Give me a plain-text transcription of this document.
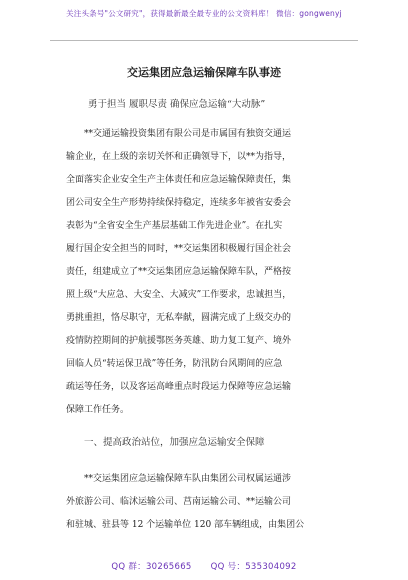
关注头条号"公文研究"，获得最新最全最专业的公文资料库！ 微信：gongwenyj
交运集团应急运输保障车队事迹
勇于担当 履职尽责 确保应急运输“大动脉”
**交通运输投资集团有限公司是市属国有独资交通运
输企业，在上级的亲切关怀和正确领导下，以**为指导，
全面落实企业安全生产主体责任和应急运输保障责任，集
团公司安全生产形势持续保持稳定，连续多年被省安委会
表彰为“全省安全生产基层基础工作先进企业”。在扎实
履行国企安全担当的同时，**交运集团积极履行国企社会
责任，组建成立了**交运集团应急运输保障车队，严格按
照上级“大应急、大安全、大减灾”工作要求，忠诚担当，
勇挑重担，恪尽职守，无私奉献，圆满完成了上级交办的
疫情防控期间的护航援鄂医务英雄、助力复工复产、境外
回临人员“转运保卫战”等任务，防汛防台风期间的应急
疏运等任务，以及客运高峰重点时段运力保障等应急运输
保障工作任务。
一、提高政治站位，加强应急运输安全保障
**交运集团应急运输保障车队由集团公司权属运通涉
外旅游公司、临沭运输公司、莒南运输公司、**运输公司
和驻城、驻县等 12 个运输单位 120 部车辆组成，由集团公
QQ 群：30265665 QQ 号：535304092
